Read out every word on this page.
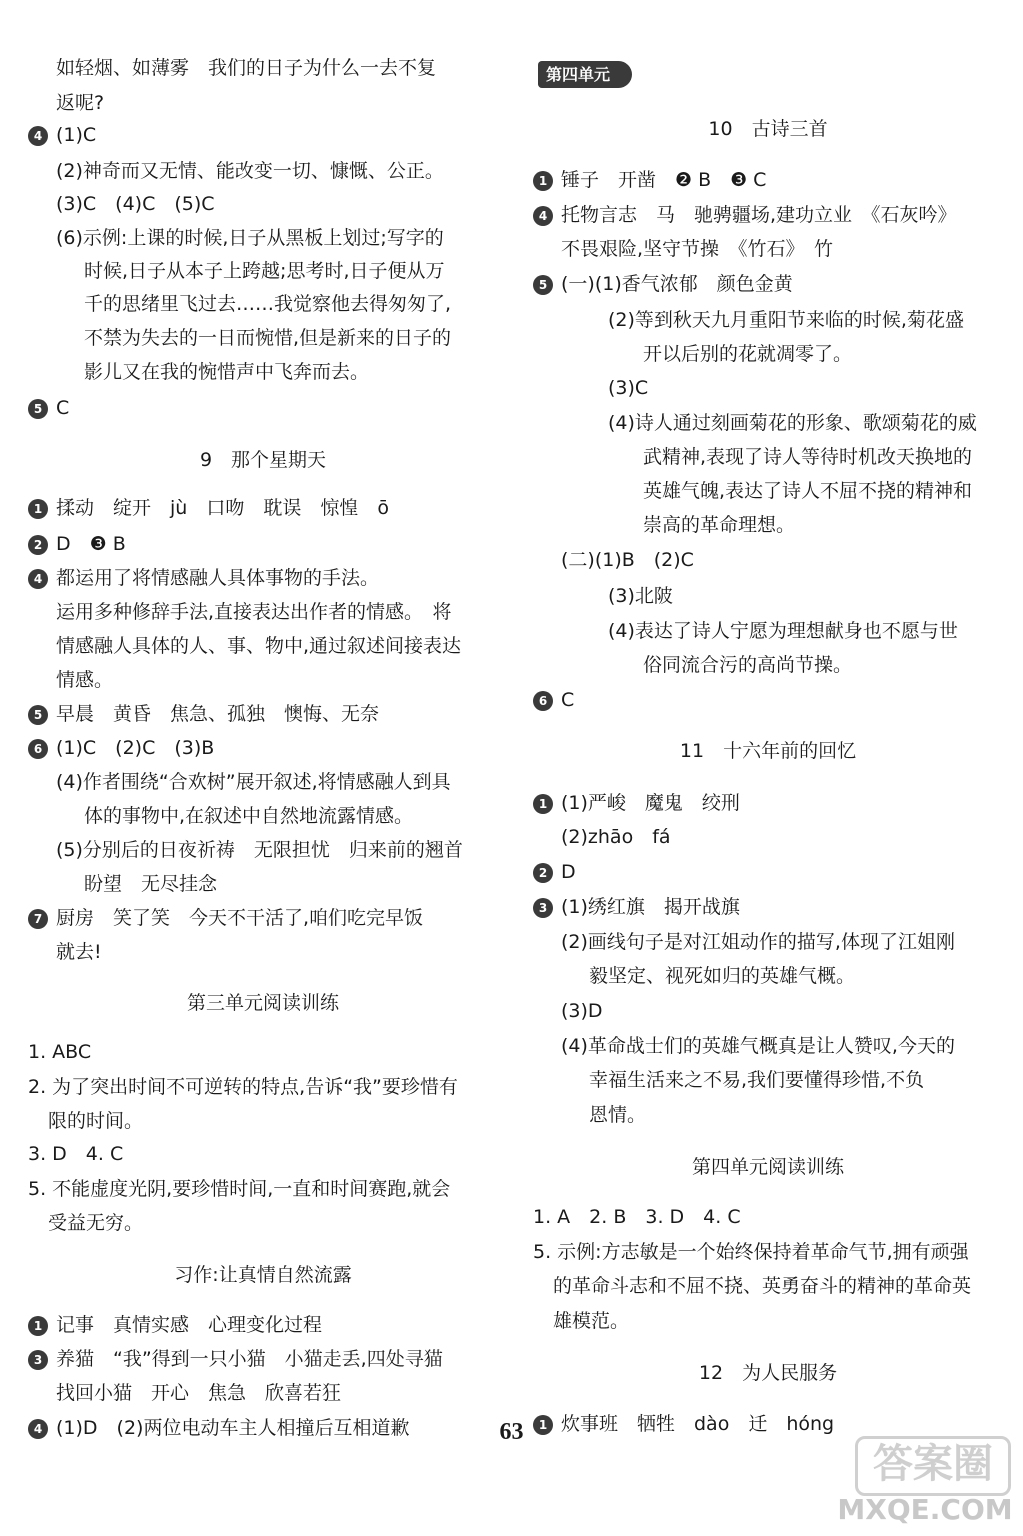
如轻烟、如薄雾　我们的日子为什么一去不复
返呢?
4 (1)C
(2)神奇而又无情、能改变一切、慷慨、公正。
(3)C　(4)C　(5)C
(6)示例:上课的时候,日子从黑板上划过;写字的
时候,日子从本子上跨越;思考时,日子便从万
千的思绪里飞过去……我觉察他去得匆匆了,
不禁为失去的一日而惋惜,但是新来的日子的
影儿又在我的惋惜声中飞奔而去。
5 C
9　那个星期天
1 揉动　绽开　jù　口吻　耽误　惊惶　ō
2 D　❸ B
4 都运用了将情感融人具体事物的手法。
运用多种修辞手法,直接表达出作者的情感。　将
情感融人具体的人、事、物中,通过叙述间接表达
情感。
5 早晨　黄昏　焦急、孤独　懊悔、无奈
6 (1)C　(2)C　(3)B
(4)作者围绕“合欢树”展开叙述,将情感融人到具
体的事物中,在叙述中自然地流露情感。
(5)分别后的日夜祈祷　无限担忧　归来前的翘首
盼望　无尽挂念
7 厨房　笑了笑　今天不干活了,咱们吃完早饭
就去!
第三单元阅读训练
1. ABC
2. 为了突出时间不可逆转的特点,告诉“我”要珍惜有
限的时间。
3. D　4. C
5. 不能虚度光阴,要珍惜时间,一直和时间赛跑,就会
受益无穷。
习作:让真情自然流露
1 记事　真情实感　心理变化过程
3 养猫　“我”得到一只小猫　小猫走丢,四处寻猫
找回小猫　开心　焦急　欣喜若狂
4 (1)D　(2)两位电动车主人相撞后互相道歉
第四单元
10　古诗三首
1 锤子　开凿　❷ B　❸ C
4 托物言志　马　驰骋疆场,建功立业　《石灰吟》
不畏艰险,坚守节操　《竹石》　竹
5 (一)(1)香气浓郁　颜色金黄
(2)等到秋天九月重阳节来临的时候,菊花盛
开以后别的花就凋零了。
(3)C
(4)诗人通过刻画菊花的形象、歌颂菊花的威
武精神,表现了诗人等待时机改天换地的
英雄气魄,表达了诗人不屈不挠的精神和
崇高的革命理想。
(二)(1)B　(2)C
(3)北陂
(4)表达了诗人宁愿为理想献身也不愿与世
俗同流合污的高尚节操。
6 C
11　十六年前的回忆
1 (1)严峻　魔鬼　绞刑
(2)zhāo　fá
2 D
3 (1)绣红旗　揭开战旗
(2)画线句子是对江姐动作的描写,体现了江姐刚
毅坚定、视死如归的英雄气概。
(3)D
(4)革命战士们的英雄气概真是让人赞叹,今天的
幸福生活来之不易,我们要懂得珍惜,不负
恩情。
第四单元阅读训练
1. A　2. B　3. D　4. C
5. 示例:方志敏是一个始终保持着革命气节,拥有顽强
的革命斗志和不屈不挠、英勇奋斗的精神的革命英
雄模范。
12　为人民服务
1 炊事班　牺牲　dào　迁　hóng
63
答案圈
MXQE.COM
